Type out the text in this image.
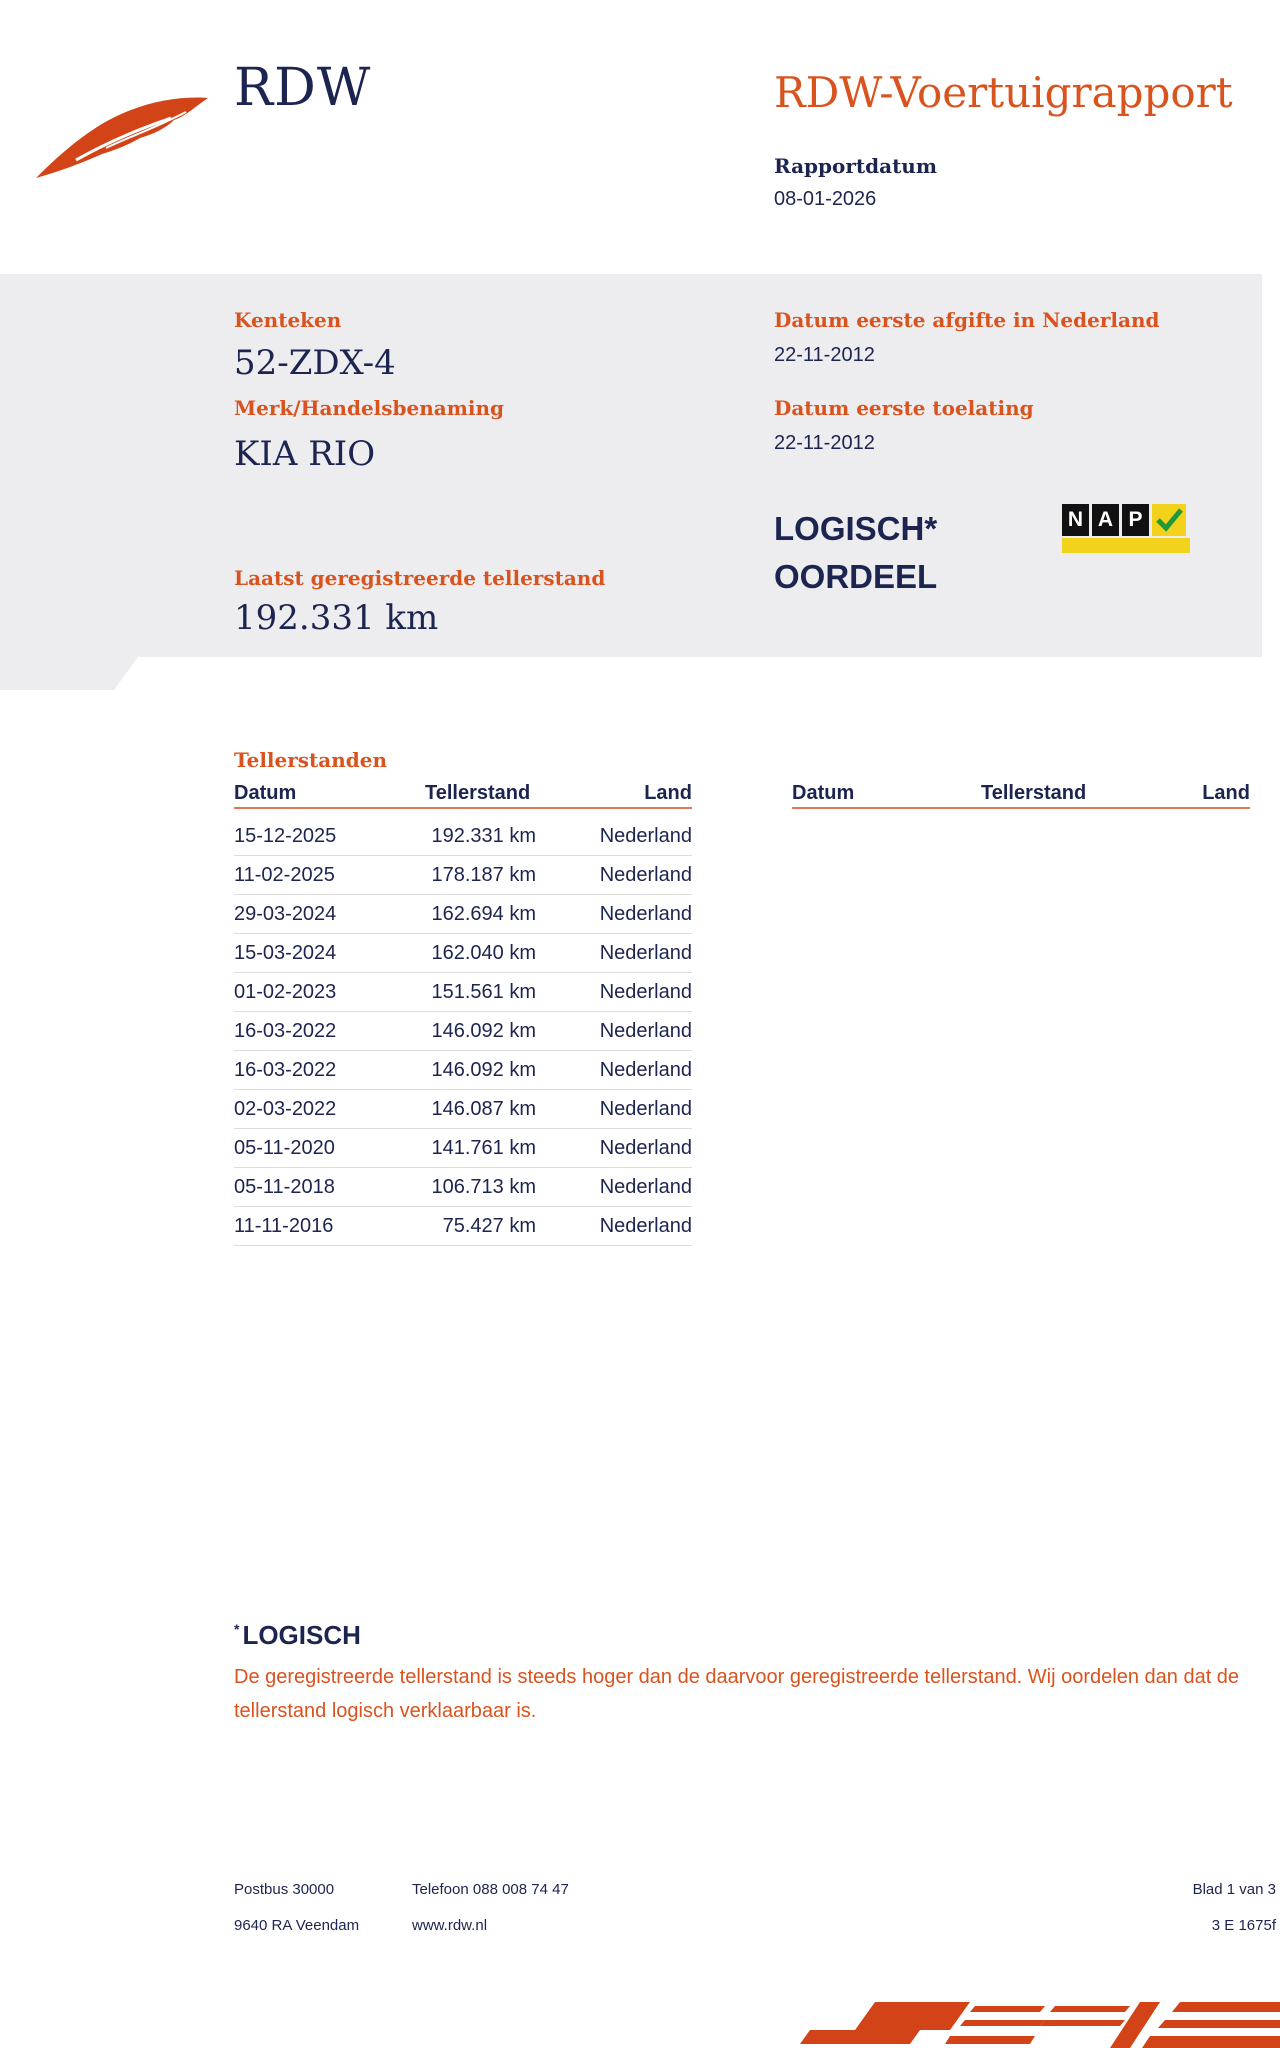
RDW	RDW-Voertuigrapport
Rapportdatum
08-01-2026
Kenteken
52-ZDX-4
Merk/Handelsbenaming
KIA RIO
Laatst geregistreerde tellerstand
192.331 km
Datum eerste afgifte in Nederland
22-11-2012
Datum eerste toelating
22-11-2012
LOGISCH*
OORDEEL
N A P
Tellerstanden
Datum	Tellerstand	Land	Datum	Tellerstand	Land
15-12-2025	192.331 km	Nederland
11-02-2025	178.187 km	Nederland
29-03-2024	162.694 km	Nederland
15-03-2024	162.040 km	Nederland
01-02-2023	151.561 km	Nederland
16-03-2022	146.092 km	Nederland
16-03-2022	146.092 km	Nederland
02-03-2022	146.087 km	Nederland
05-11-2020	141.761 km	Nederland
05-11-2018	106.713 km	Nederland
11-11-2016	75.427 km	Nederland
* LOGISCH
De geregistreerde tellerstand is steeds hoger dan de daarvoor geregistreerde tellerstand. Wij oordelen dan dat de tellerstand logisch verklaarbaar is.
Postbus 30000
9640 RA Veendam
Telefoon 088 008 74 47
www.rdw.nl
Blad 1 van 3
3 E 1675f
